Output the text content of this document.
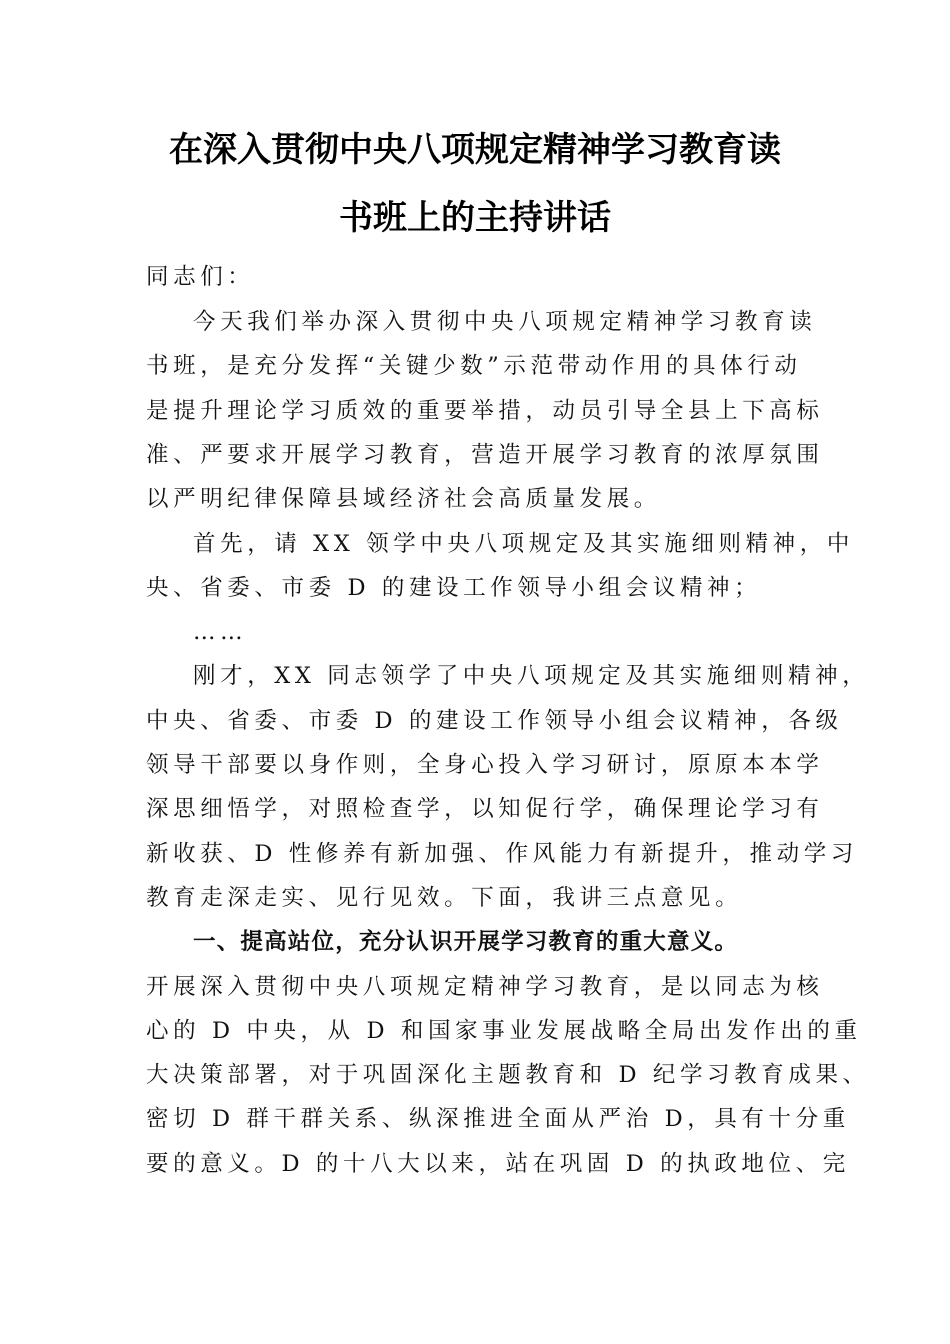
在深入贯彻中央八项规定精神学习教育读
书班上的主持讲话
同志们：
今天我们举办深入贯彻中央八项规定精神学习教育读
书班，是充分发挥“关键少数”示范带动作用的具体行动
是提升理论学习质效的重要举措，动员引导全县上下高标
准、严要求开展学习教育，营造开展学习教育的浓厚氛围
以严明纪律保障县域经济社会高质量发展。
首先，请 XX 领学中央八项规定及其实施细则精神，中
央、省委、市委 D 的建设工作领导小组会议精神；
……
刚才，XX 同志领学了中央八项规定及其实施细则精神，
中央、省委、市委 D 的建设工作领导小组会议精神，各级
领导干部要以身作则，全身心投入学习研讨，原原本本学
深思细悟学，对照检查学，以知促行学，确保理论学习有
新收获、D 性修养有新加强、作风能力有新提升，推动学习
教育走深走实、见行见效。下面，我讲三点意见。
一、提高站位，充分认识开展学习教育的重大意义。
开展深入贯彻中央八项规定精神学习教育，是以同志为核
心的 D 中央，从 D 和国家事业发展战略全局出发作出的重
大决策部署，对于巩固深化主题教育和 D 纪学习教育成果、
密切 D 群干群关系、纵深推进全面从严治 D，具有十分重
要的意义。D 的十八大以来，站在巩固 D 的执政地位、完
